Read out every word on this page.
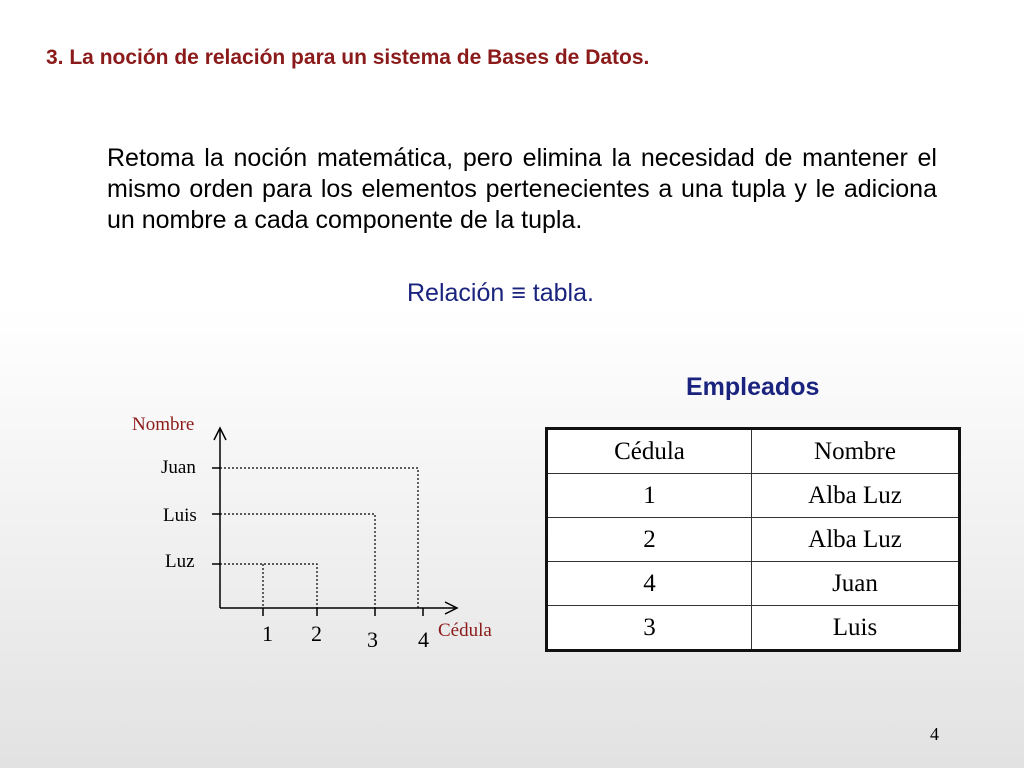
3. La noción de relación para un sistema de Bases de Datos.
Retoma la noción matemática, pero elimina la necesidad de mantener el mismo orden para los elementos pertenecientes a una tupla y le adiciona un nombre a cada componente de la tupla.
Relación ≡ tabla.
Nombre
Cédula
Juan
Luis
Luz
1 2 3 4
Empleados
Cédula	Nombre
1	Alba Luz
2	Alba Luz
4	Juan
3	Luis
4
